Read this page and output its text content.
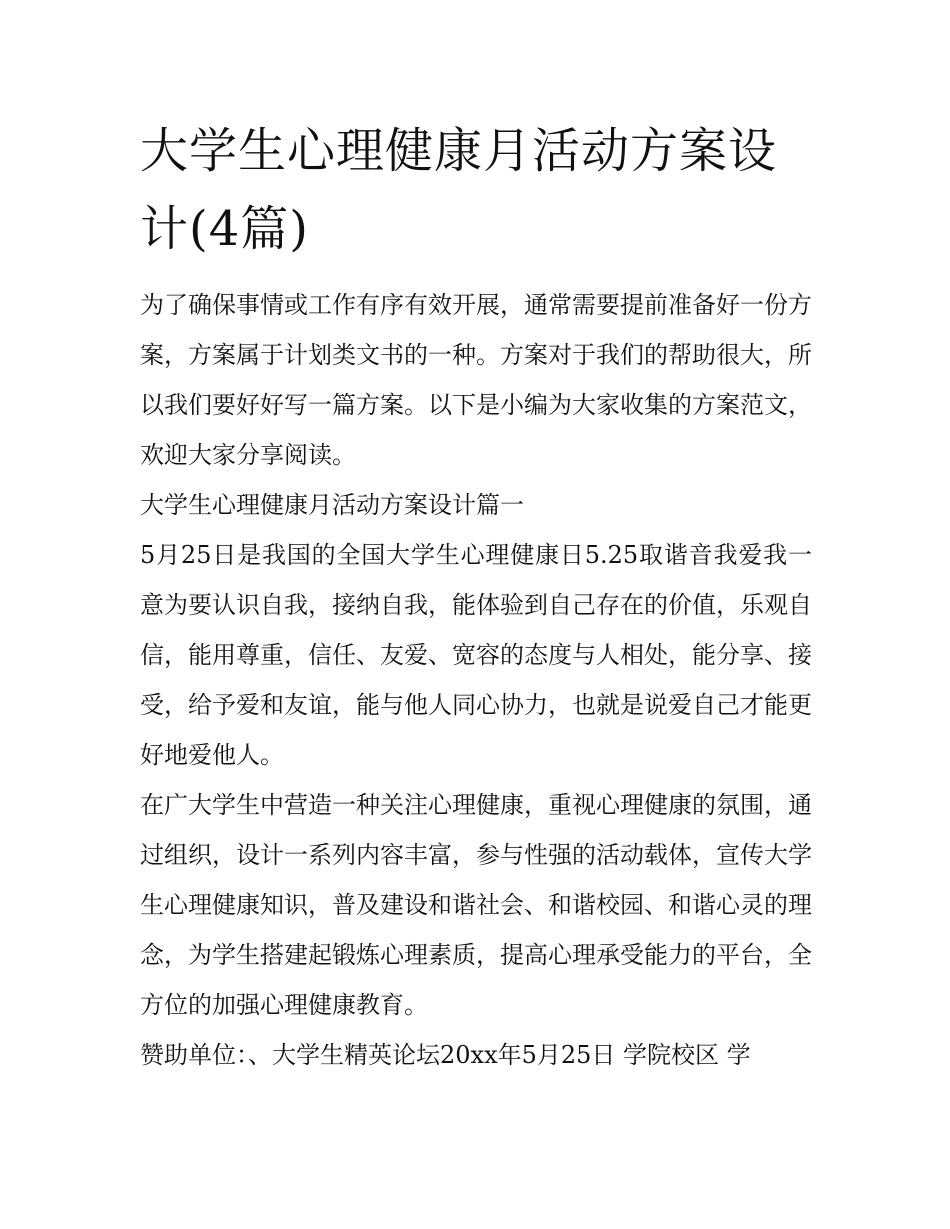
大学生心理健康月活动方案设计(4篇)

为了确保事情或工作有序有效开展，通常需要提前准备好一份方案，方案属于计划类文书的一种。方案对于我们的帮助很大，所以我们要好好写一篇方案。以下是小编为大家收集的方案范文，欢迎大家分享阅读。

大学生心理健康月活动方案设计篇一

5月25日是我国的全国大学生心理健康日5.25取谐音我爱我一意为要认识自我，接纳自我，能体验到自己存在的价值，乐观自信，能用尊重，信任、友爱、宽容的态度与人相处，能分享、接受，给予爱和友谊，能与他人同心协力，也就是说爱自己才能更好地爱他人。

在广大学生中营造一种关注心理健康，重视心理健康的氛围，通过组织，设计一系列内容丰富，参与性强的活动载体，宣传大学生心理健康知识，普及建设和谐社会、和谐校园、和谐心灵的理念，为学生搭建起锻炼心理素质，提高心理承受能力的平台，全方位的加强心理健康教育。

赞助单位：、大学生精英论坛20xx年5月25日 学院校区 学
